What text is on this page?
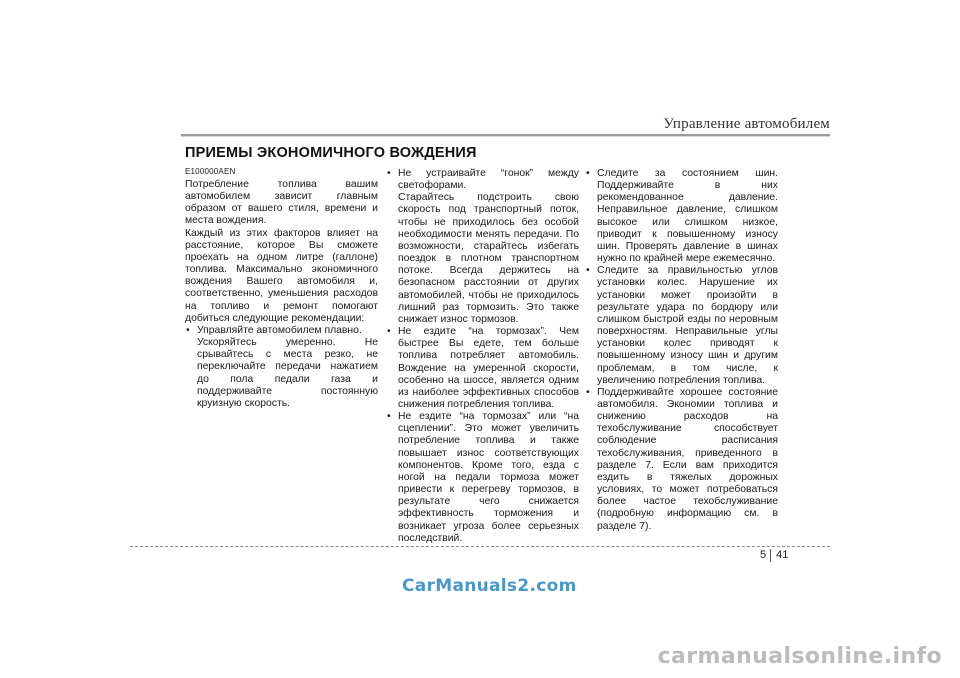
Управление автомобилем
ПРИЕМЫ ЭКОНОМИЧНОГО ВОЖДЕНИЯ
E100000AEN

Потребление топлива вашим автомобилем зависит главным образом от вашего стиля, времени и места вождения.

Каждый из этих факторов влияет на расстояние, которое Вы сможете проехать на одном литре (галлоне) топлива. Максимально экономичного вождения Вашего автомобиля и, соответственно, уменьшения расходов на топливо и ремонт помогают добиться следующие рекомендации:

• Управляйте автомобилем плавно.
Ускоряйтесь умеренно. Не срывайтесь с места резко, не переключайте передачи нажатием до пола педали газа и поддерживайте постоянную круизную скорость.
• Не устраивайте “гонок” между светофорами.
Старайтесь подстроить свою скорость под транспортный поток, чтобы не приходилось без особой необходимости менять передачи. По возможности, старайтесь избегать поездок в плотном транспортном потоке. Всегда держитесь на безопасном расстоянии от других автомобилей, чтобы не приходилось лишний раз тормозить. Это также снижает износ тормозов.
• Не ездите “на тормозах”. Чем быстрее Вы едете, тем больше топлива потребляет автомобиль. Вождение на умеренной скорости, особенно на шоссе, является одним из наиболее эффективных способов снижения потребления топлива.
• Не ездите “на тормозах” или “на сцеплении”. Это может увеличить потребление топлива и также повышает износ соответствующих компонентов. Кроме того, езда с ногой на педали тормоза может привести к перегреву тормозов, в результате чего снижается эффективность торможения и возникает угроза более серьезных последствий.
• Следите за состоянием шин. Поддерживайте в них рекомендованное давление. Неправильное давление, слишком высокое или слишком низкое, приводит к повышенному износу шин. Проверять давление в шинах нужно по крайней мере ежемесячно.
• Следите за правильностью углов установки колес. Нарушение их установки может произойти в результате удара по бордюру или слишком быстрой езды по неровным поверхностям. Неправильные углы установки колес приводят к повышенному износу шин и другим проблемам, в том числе, к увеличению потребления топлива.
• Поддерживайте хорошее состояние автомобиля. Экономии топлива и снижению расходов на техобслуживание способствует соблюдение расписания техобслуживания, приведенного в разделе 7. Если вам приходится ездить в тяжелых дорожных условиях, то может потребоваться более частое техобслуживание (подробную информацию см. в разделе 7).
5 41
CarManuals2.com
carmanualsonline.info
